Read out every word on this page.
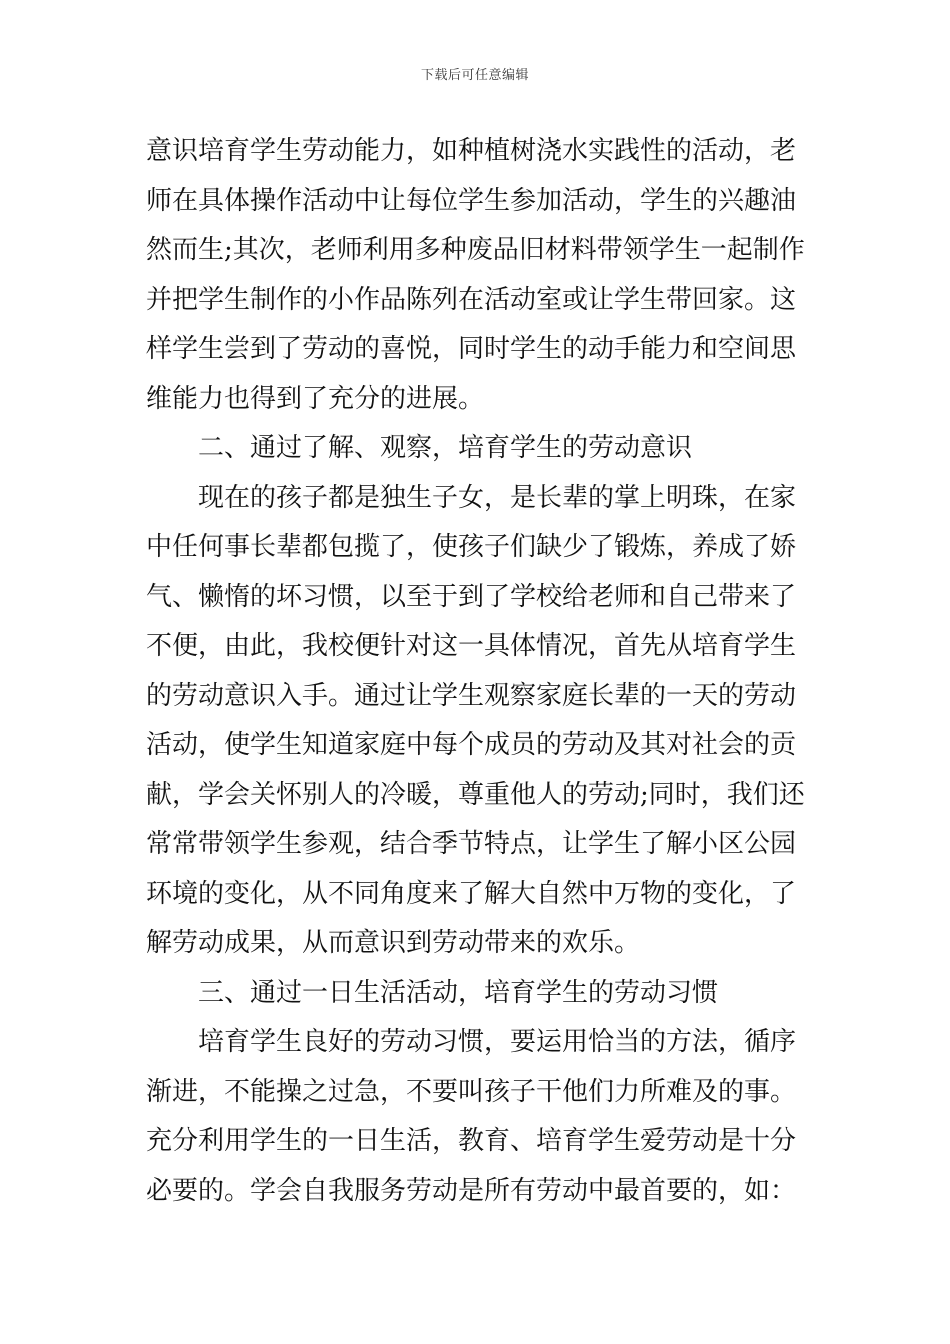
下载后可任意编辑
意识培育学生劳动能力，如种植树浇水实践性的活动，老
师在具体操作活动中让每位学生参加活动，学生的兴趣油
然而生;其次，老师利用多种废品旧材料带领学生一起制作
并把学生制作的小作品陈列在活动室或让学生带回家。这
样学生尝到了劳动的喜悦，同时学生的动手能力和空间思
维能力也得到了充分的进展。
二、通过了解、观察，培育学生的劳动意识
现在的孩子都是独生子女，是长辈的掌上明珠，在家
中任何事长辈都包揽了，使孩子们缺少了锻炼，养成了娇
气、懒惰的坏习惯，以至于到了学校给老师和自己带来了
不便，由此，我校便针对这一具体情况，首先从培育学生
的劳动意识入手。通过让学生观察家庭长辈的一天的劳动
活动，使学生知道家庭中每个成员的劳动及其对社会的贡
献，学会关怀别人的冷暖，尊重他人的劳动;同时，我们还
常常带领学生参观，结合季节特点，让学生了解小区公园
环境的变化，从不同角度来了解大自然中万物的变化，了
解劳动成果，从而意识到劳动带来的欢乐。
三、通过一日生活活动，培育学生的劳动习惯
培育学生良好的劳动习惯，要运用恰当的方法，循序
渐进，不能操之过急，不要叫孩子干他们力所难及的事。
充分利用学生的一日生活，教育、培育学生爱劳动是十分
必要的。学会自我服务劳动是所有劳动中最首要的，如：
